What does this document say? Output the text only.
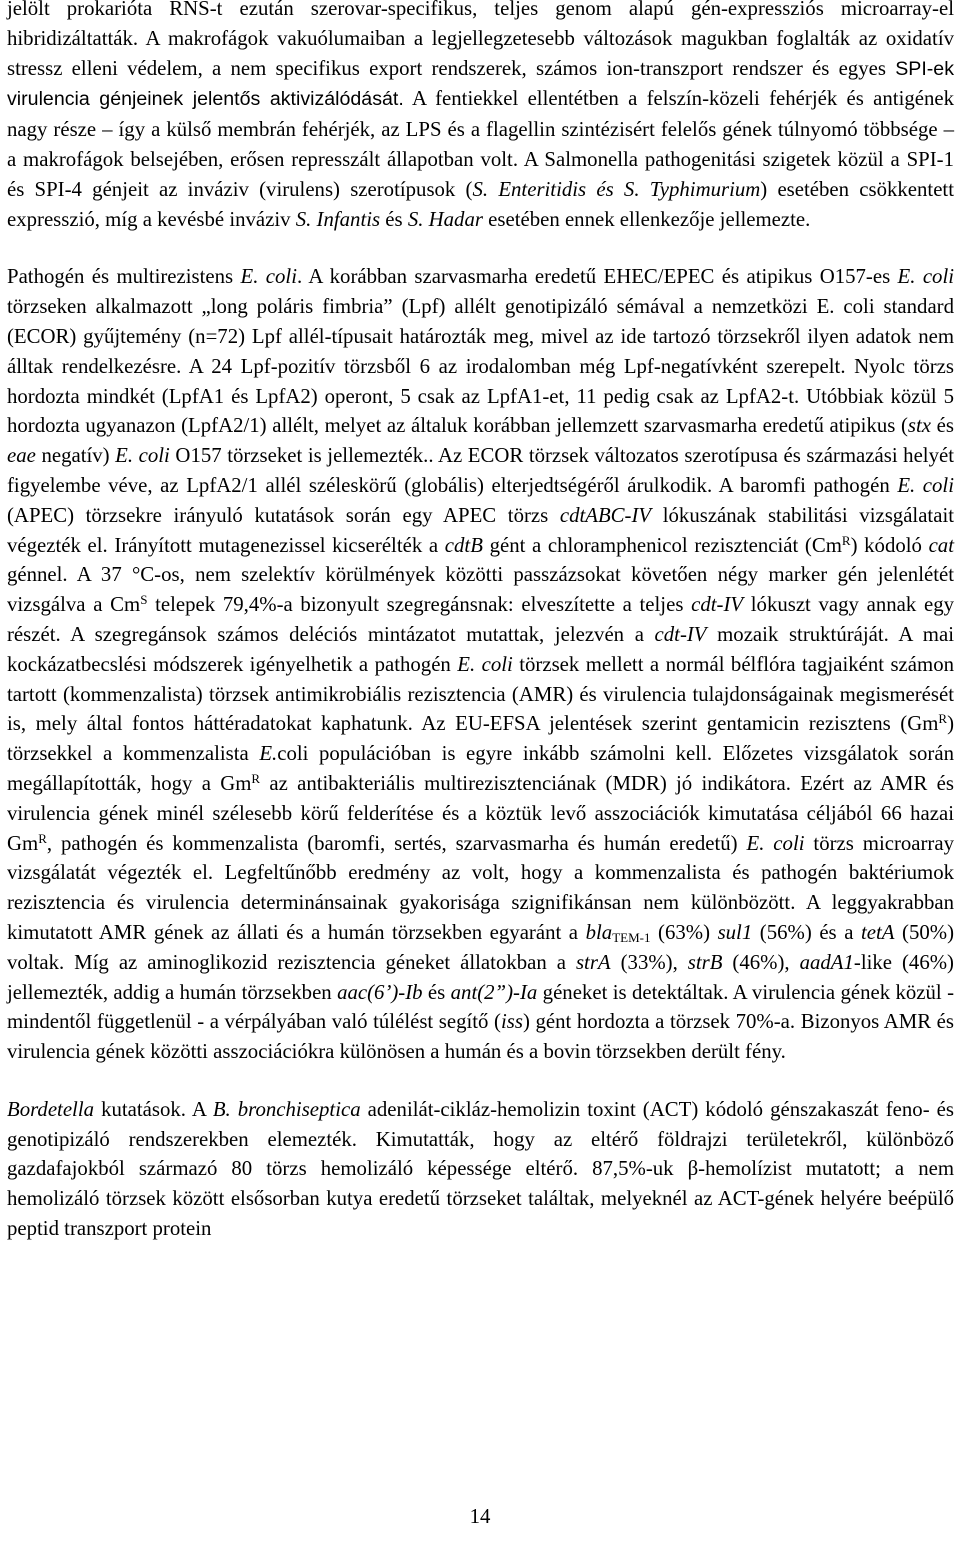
jelölt prokarióta RNS-t ezután szerovar-specifikus, teljes genom alapú gén-expressziós microarray-el hibridizáltatták. A makrofágok vakuólumaiban a legjellegzetesebb változások magukban foglalták az oxidatív stressz elleni védelem, a nem specifikus export rendszerek, számos ion-transzport rendszer és egyes SPI-ek virulencia génjeinek jelentős aktivizálódását. A fentiekkel ellentétben a felszín-közeli fehérjék és antigének nagy része – így a külső membrán fehérjék, az LPS és a flagellin szintézisért felelős gének túlnyomó többsége – a makrofágok belsejében, erősen represszált állapotban volt. A Salmonella pathogenitási szigetek közül a SPI-1 és SPI-4 génjeit az inváziv (virulens) szerotípusok (S. Enteritidis és S. Typhimurium) esetében csökkentett expresszió, míg a kevésbé inváziv S. Infantis és S. Hadar esetében ennek ellenkezője jellemezte.

Pathogén és multirezistens E. coli. A korábban szarvasmarha eredetű EHEC/EPEC és atipikus O157-es E. coli törzseken alkalmazott „long poláris fimbria” (Lpf) allélt genotipizáló sémával a nemzetközi E. coli standard (ECOR) gyűjtemény (n=72) Lpf allél-típusait határozták meg, mivel az ide tartozó törzsekről ilyen adatok nem álltak rendelkezésre. A 24 Lpf-pozitív törzsből 6 az irodalomban még Lpf-negatívként szerepelt. Nyolc törzs hordozta mindkét (LpfA1 és LpfA2) operont, 5 csak az LpfA1-et, 11 pedig csak az LpfA2-t. Utóbbiak közül 5 hordozta ugyanazon (LpfA2/1) allélt, melyet az általuk korábban jellemzett szarvasmarha eredetű atipikus (stx és eae negatív) E. coli O157 törzseket is jellemezték.. Az ECOR törzsek változatos szerotípusa és származási helyét figyelembe véve, az LpfA2/1 allél széleskörű (globális) elterjedtségéről árulkodik. A baromfi pathogén E. coli (APEC) törzsekre irányuló kutatások során egy APEC törzs cdtABC-IV lókuszának stabilitási vizsgálatait végezték el. Irányított mutagenezissel kicserélték a cdtB gént a chloramphenicol rezisztenciát $(Cm^R)$ kódoló cat génnel. A 37 °C-os, nem szelektív körülmények közötti passzázsokat követően négy marker gén jelenlétét vizsgálva a $Cm^S$ telepek 79,4%-a bizonyult szegregánsnak: elveszítette a teljes cdt-IV lókuszt vagy annak egy részét. A szegregánsok számos deléciós mintázatot mutattak, jelezvén a cdt-IV mozaik struktúráját. A mai kockázatbecslési módszerek igényelhetik a pathogén E. coli törzsek mellett a normál bélflóra tagjaiként számon tartott (kommenzalista) törzsek antimikrobiális rezisztencia (AMR) és virulencia tulajdonságainak megismerését is, mely által fontos háttéradatokat kaphatunk. Az EU-EFSA jelentések szerint gentamicin rezisztens $(Gm^R)$ törzsekkel a kommenzalista E.coli populációban is egyre inkább számolni kell. Előzetes vizsgálatok során megállapították, hogy a $Gm^R$ az antibakteriális multirezisztenciának (MDR) jó indikátora. Ezért az AMR és virulencia gének minél szélesebb körű felderítése és a köztük levő asszociációk kimutatása céljából 66 hazai $Gm^R$, pathogén és kommenzalista (baromfi, sertés, szarvasmarha és humán eredetű) E. coli törzs microarray vizsgálatát végezték el. Legfeltűnőbb eredmény az volt, hogy a kommenzalista és pathogén baktériumok rezisztencia és virulencia determinánsainak gyakorisága szignifikánsan nem különbözött. A leggyakrabban kimutatott AMR gének az állati és a humán törzsekben egyaránt a bla$_{TEM-1}$ (63%) sul1 (56%) és a tetA (50%) voltak. Míg az aminoglikozid rezisztencia géneket állatokban a strA (33%), strB (46%), aadA1-like (46%) jellemezték, addig a humán törzsekben aac(6’)-Ib és ant(2”)-Ia géneket is detektáltak. A virulencia gének közül - mindentől függetlenül - a vérpályában való túlélést segítő (iss) gént hordozta a törzsek 70%-a. Bizonyos AMR és virulencia gének közötti asszociációkra különösen a humán és a bovin törzsekben derült fény.

Bordetella kutatások. A B. bronchiseptica adenilát-cikláz-hemolizin toxint (ACT) kódoló génszakaszát feno- és genotipizáló rendszerekben elemezték. Kimutatták, hogy az eltérő földrajzi területekről, különböző gazdafajokból származó 80 törzs hemolizáló képessége eltérő. 87,5%-uk β-hemolízist mutatott; a nem hemolizáló törzsek között elsősorban kutya eredetű törzseket találtak, melyeknél az ACT-gének helyére beépülő peptid transzport protein

14
